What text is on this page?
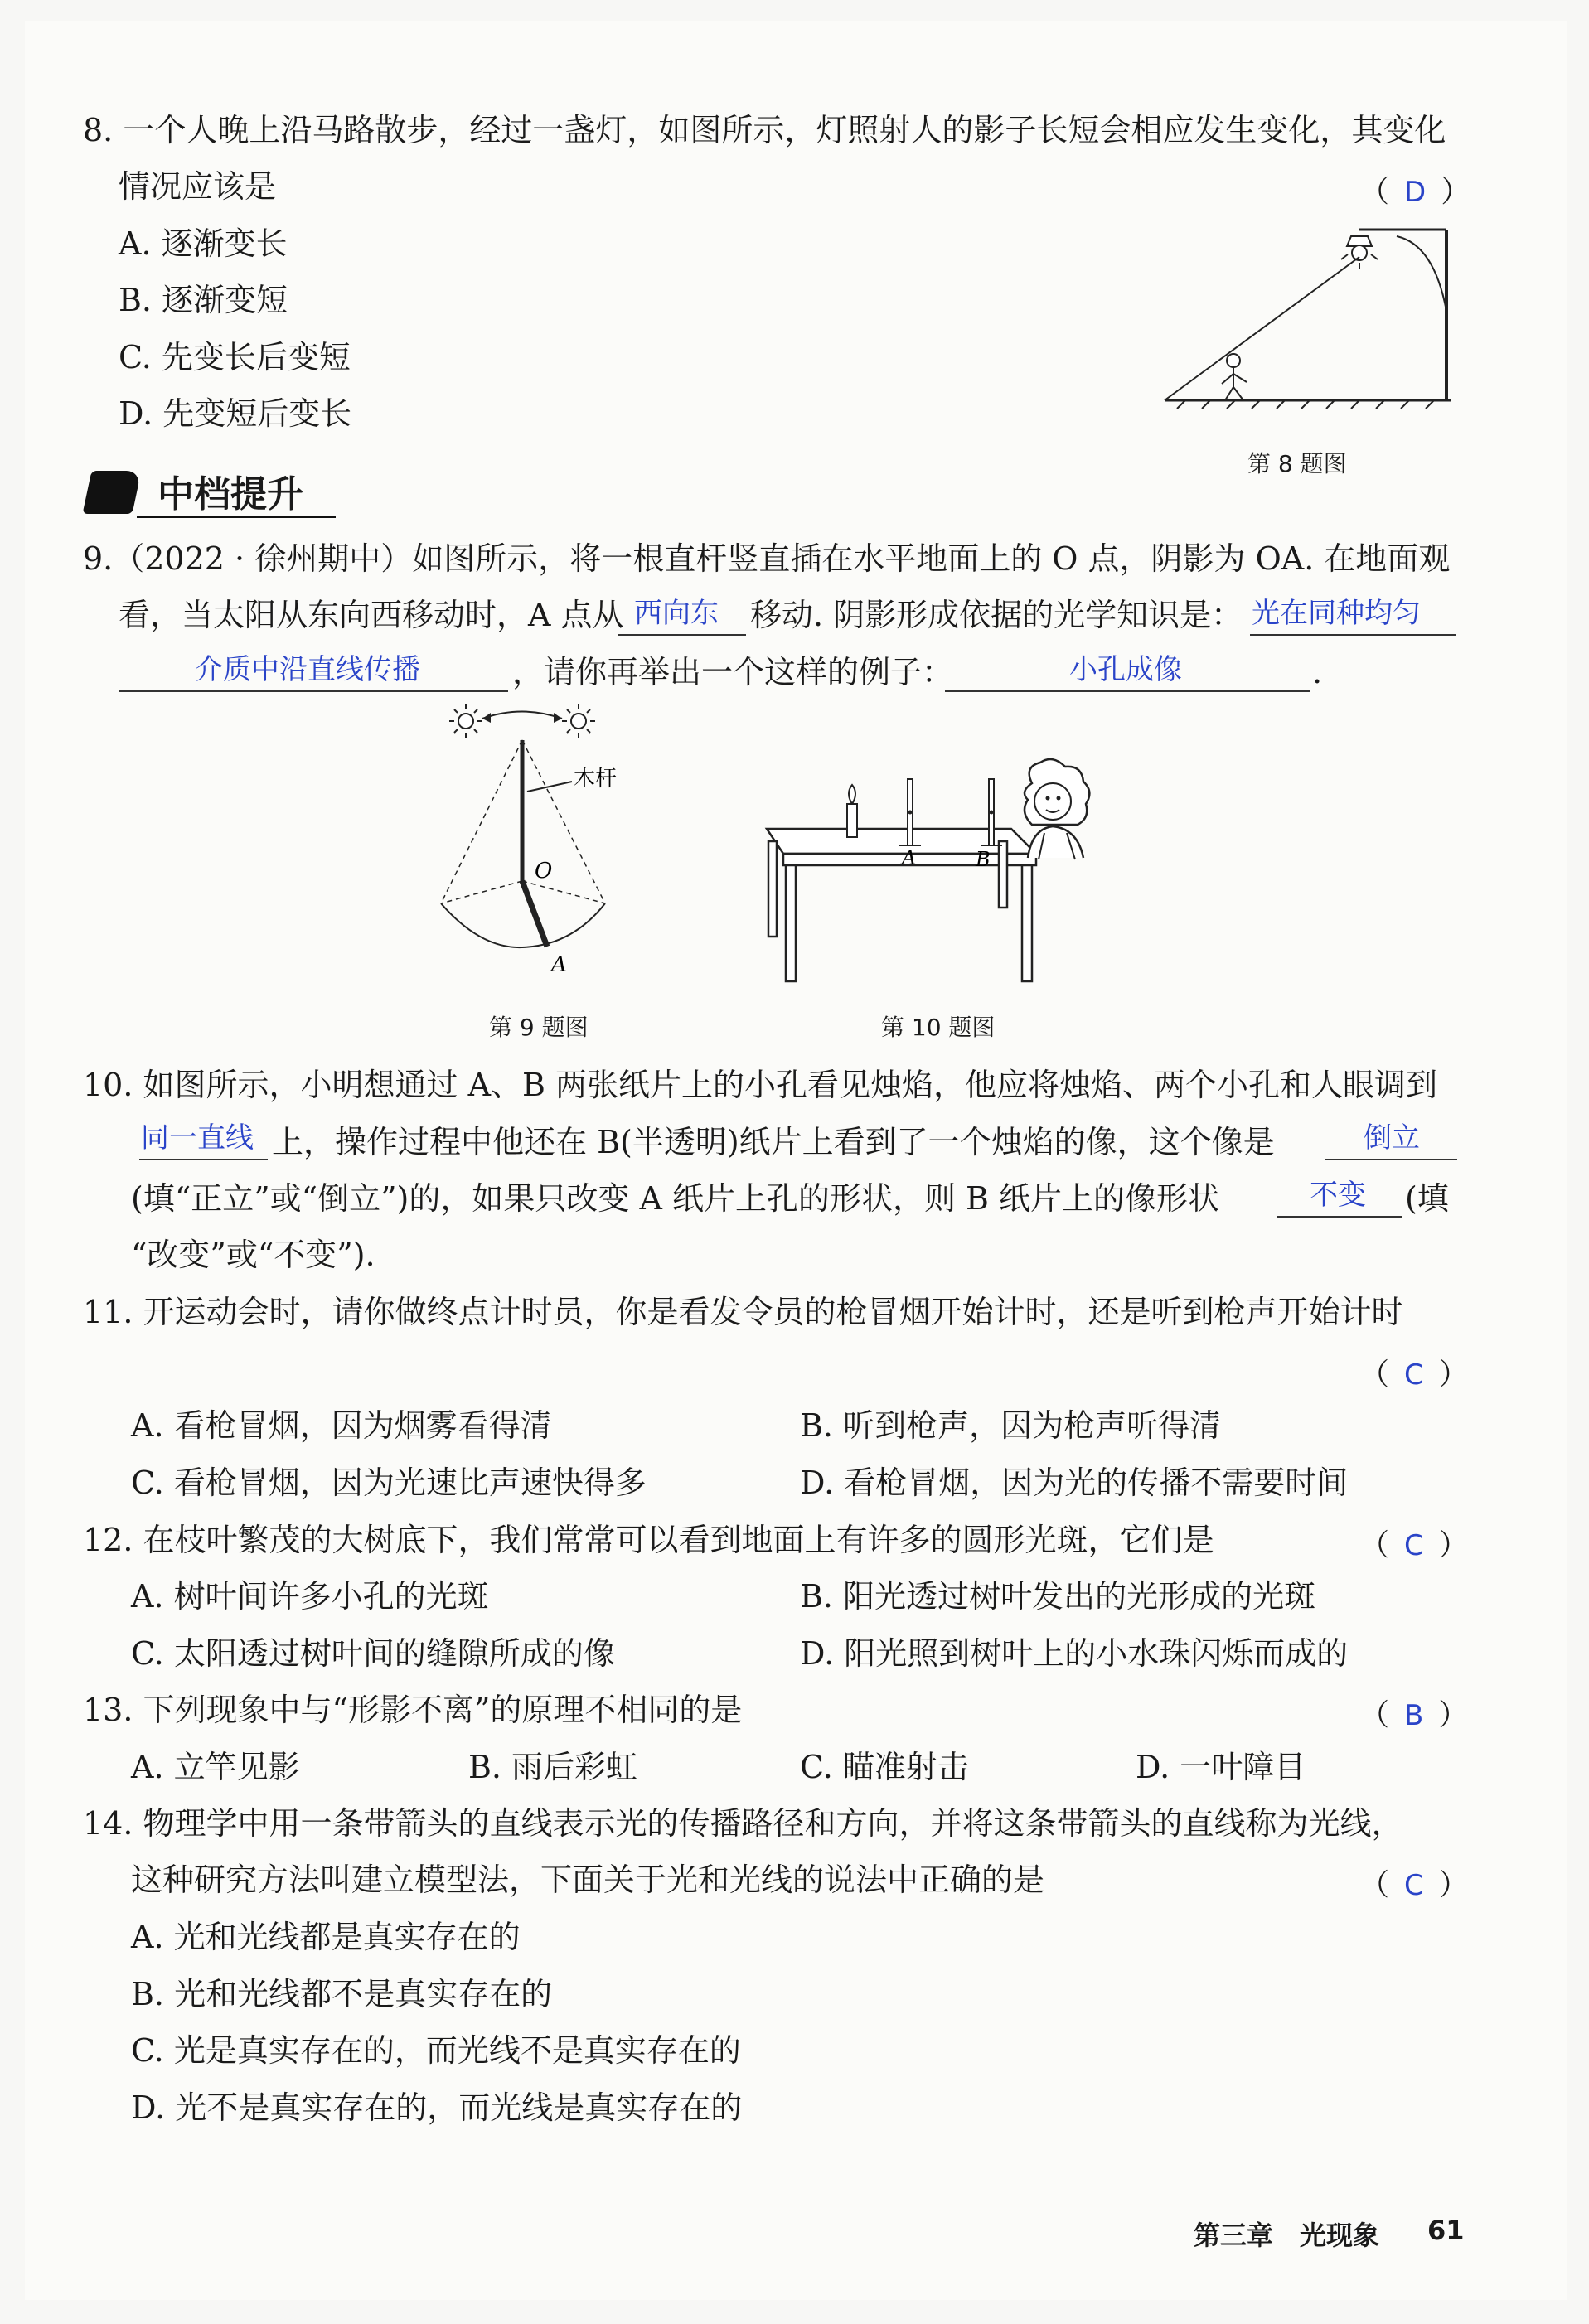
8. 一个人晚上沿马路散步，经过一盏灯，如图所示，灯照射人的影子长短会相应发生变化，其变化
情况应该是	（ D ）
A. 逐渐变长
B. 逐渐变短
C. 先变长后变短
D. 先变短后变长
第 8 题图
中档提升
9.（2022 · 徐州期中）如图所示，将一根直杆竖直插在水平地面上的 O 点，阴影为 OA. 在地面观
看，当太阳从东向西移动时，A 点从 西向东 移动. 阴影形成依据的光学知识是： 光在同种均匀
介质中沿直线传播	，请你再举出一个这样的例子：	小孔成像	.
木杆
O
A
第 9 题图
A	B
第 10 题图
10. 如图所示，小明想通过 A、B 两张纸片上的小孔看见烛焰，他应将烛焰、两个小孔和人眼调到
同一直线 上，操作过程中他还在 B(半透明)纸片上看到了一个烛焰的像，这个像是	倒立
(填“正立”或“倒立”)的，如果只改变 A 纸片上孔的形状，则 B 纸片上的像形状	不变 (填
“改变”或“不变”).
11. 开运动会时，请你做终点计时员，你是看发令员的枪冒烟开始计时，还是听到枪声开始计时
（ C ）
A. 看枪冒烟，因为烟雾看得清	B. 听到枪声，因为枪声听得清
C. 看枪冒烟，因为光速比声速快得多	D. 看枪冒烟，因为光的传播不需要时间
12. 在枝叶繁茂的大树底下，我们常常可以看到地面上有许多的圆形光斑，它们是	（ C ）
A. 树叶间许多小孔的光斑	B. 阳光透过树叶发出的光形成的光斑
C. 太阳透过树叶间的缝隙所成的像	D. 阳光照到树叶上的小水珠闪烁而成的
13. 下列现象中与“形影不离”的原理不相同的是	（ B ）
A. 立竿见影	B. 雨后彩虹	C. 瞄准射击	D. 一叶障目
14. 物理学中用一条带箭头的直线表示光的传播路径和方向，并将这条带箭头的直线称为光线，
这种研究方法叫建立模型法，下面关于光和光线的说法中正确的是	（ C ）
A. 光和光线都是真实存在的
B. 光和光线都不是真实存在的
C. 光是真实存在的，而光线不是真实存在的
D. 光不是真实存在的，而光线是真实存在的
第三章　光现象 61
